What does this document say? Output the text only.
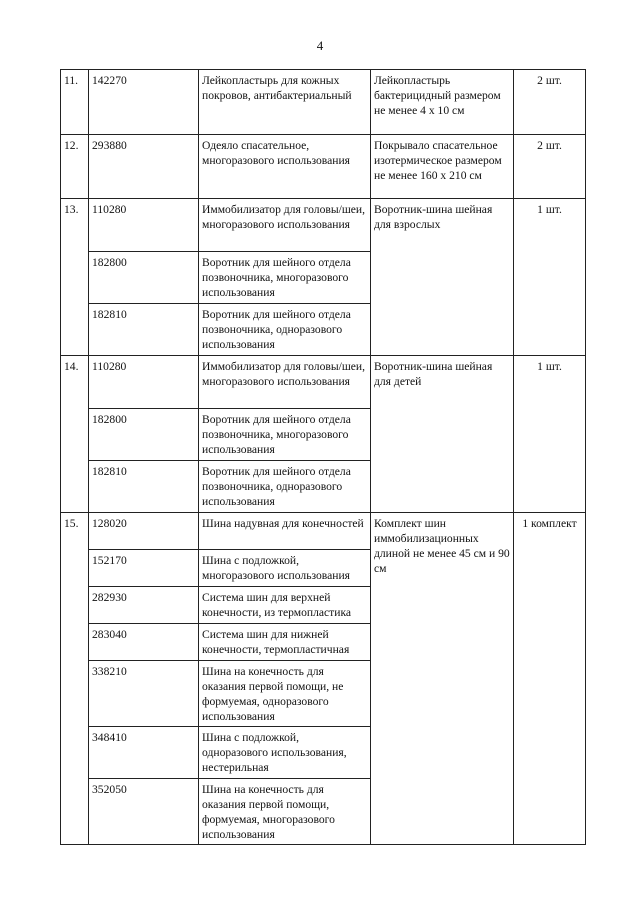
4
11.	142270	Лейкопластырь для кожных покровов, антибактериальный	Лейкопластырь бактерицидный размером не менее 4 х 10 см	2 шт.
12.	293880	Одеяло спасательное, многоразового использования	Покрывало спасательное изотермическое размером не менее 160 х 210 см	2 шт.
13.	110280	Иммобилизатор для головы/шеи, многоразового использования	Воротник-шина шейная для взрослых	1 шт.
	182800	Воротник для шейного отдела позвоночника, многоразового использования		
	182810	Воротник для шейного отдела позвоночника, одноразового использования		
14.	110280	Иммобилизатор для головы/шеи, многоразового использования	Воротник-шина шейная для детей	1 шт.
	182800	Воротник для шейного отдела позвоночника, многоразового использования		
	182810	Воротник для шейного отдела позвоночника, одноразового использования		
15.	128020	Шина надувная для конечностей	Комплект шин иммобилизационных длиной не менее 45 см и 90 см	1 комплект
	152170	Шина с подложкой, многоразового использования		
	282930	Система шин для верхней конечности, из термопластика		
	283040	Система шин для нижней конечности, термопластичная		
	338210	Шина на конечность для оказания первой помощи, не формуемая, одноразового использования		
	348410	Шина с подложкой, одноразового использования, нестерильная		
	352050	Шина на конечность для оказания первой помощи, формуемая, многоразового использования		
